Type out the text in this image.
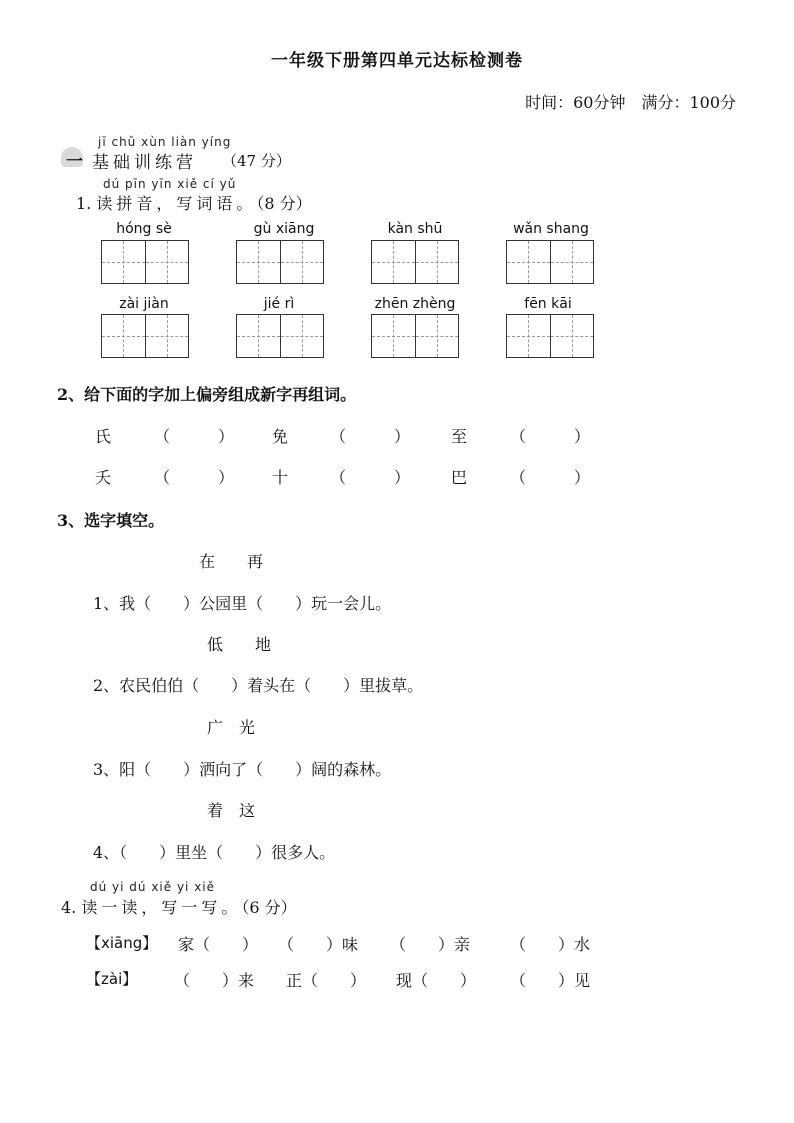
一年级下册第四单元达标检测卷
时间：60分钟　满分：100分
jī chǔ xùn liàn yíng
一 基础训练营 （47 分）
dú pīn yīn xiě cí yǔ
1. 读拼音，写词语。（8 分）
hóng sè	gù xiāng	kàn shū	wǎn shang
zài jiàn	jié rì	zhēn zhèng	fēn kāi
2、给下面的字加上偏旁组成新字再组词。
氏	（　　　） 免	（　　　）	至	（　　　）
夭	（　　　） 十	（　　　）	巴	（　　　）
3、选字填空。
在　　再
1、我（　　）公园里（　　）玩一会儿。
低　　地
2、农民伯伯（　　）着头在（　　）里拔草。
广　光
3、阳（　　）洒向了（　　）阔的森林。
着　这
4、（　　）里坐（　　）很多人。
dú yi dú xiě yi xiě
4. 读一读，写一写。（6 分）
【xiāng】 家（　　） （　　）味 （　　）亲 （　　）水
【zài】 （　　）来 正（　　） 现（　　） （　　）见
